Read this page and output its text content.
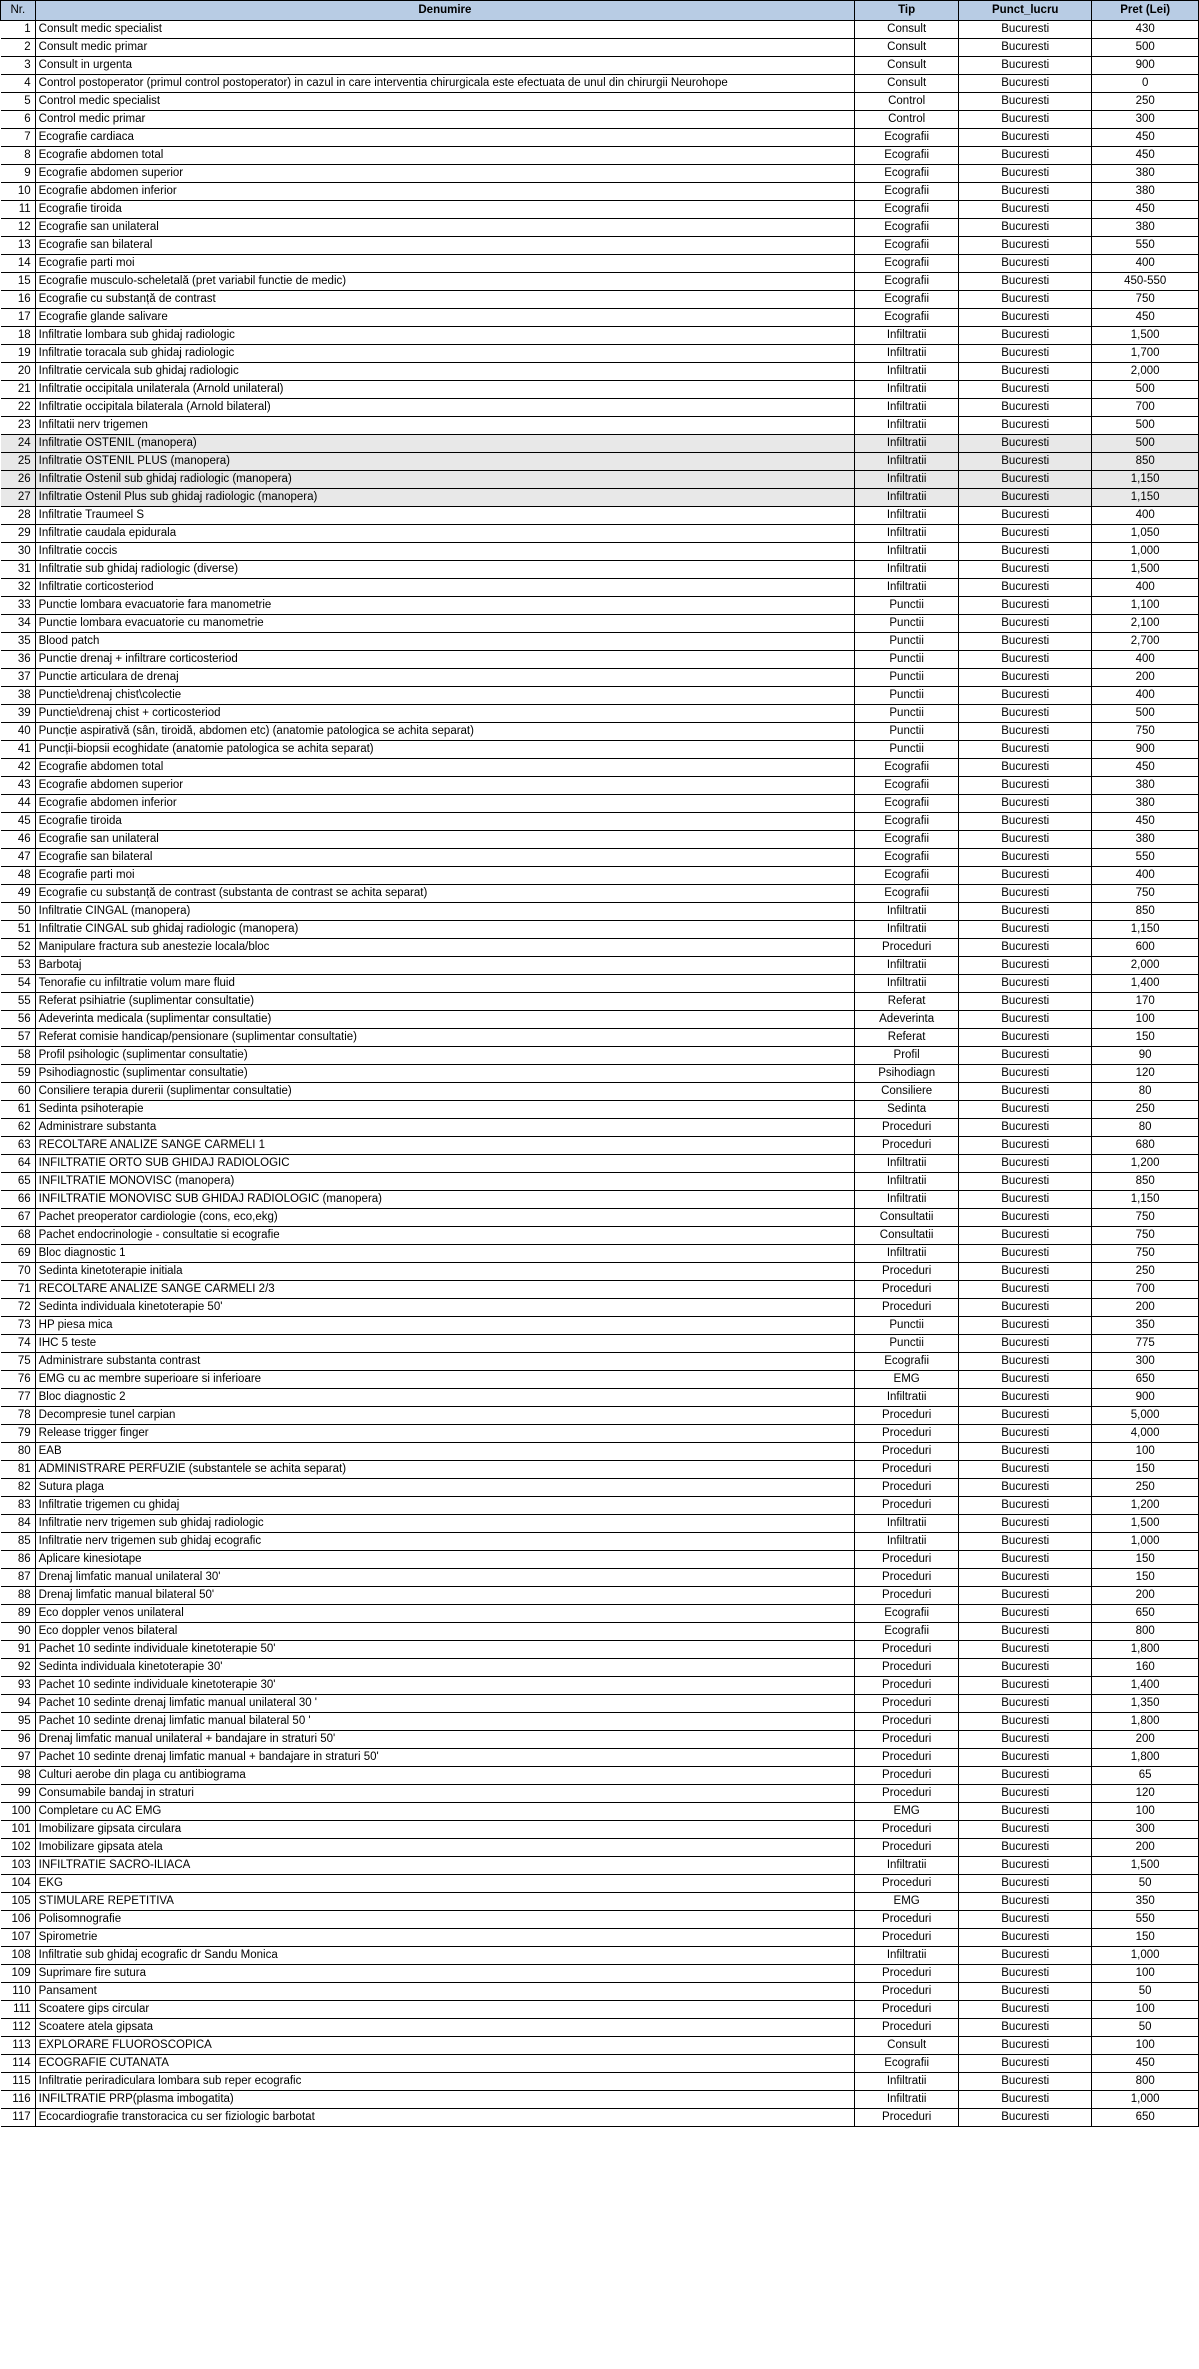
Nr.	Denumire	Tip	Punct_lucru	Pret (Lei)
1	Consult medic specialist	Consult	Bucuresti	430
2	Consult medic primar	Consult	Bucuresti	500
3	Consult in urgenta	Consult	Bucuresti	900
4	Control postoperator (primul control postoperator) in cazul in care interventia chirurgicala este efectuata de unul din chirurgii Neurohope	Consult	Bucuresti	0
5	Control medic specialist	Control	Bucuresti	250
6	Control medic primar	Control	Bucuresti	300
7	Ecografie cardiaca	Ecografii	Bucuresti	450
8	Ecografie abdomen total	Ecografii	Bucuresti	450
9	Ecografie abdomen superior	Ecografii	Bucuresti	380
10	Ecografie abdomen inferior	Ecografii	Bucuresti	380
11	Ecografie tiroida	Ecografii	Bucuresti	450
12	Ecografie san unilateral	Ecografii	Bucuresti	380
13	Ecografie san bilateral	Ecografii	Bucuresti	550
14	Ecografie parti moi	Ecografii	Bucuresti	400
15	Ecografie musculo-scheletală (pret variabil functie de medic)	Ecografii	Bucuresti	450-550
16	Ecografie cu substanță de contrast	Ecografii	Bucuresti	750
17	Ecografie glande salivare	Ecografii	Bucuresti	450
18	Infiltratie lombara sub ghidaj radiologic	Infiltratii	Bucuresti	1,500
19	Infiltratie toracala sub ghidaj radiologic	Infiltratii	Bucuresti	1,700
20	Infiltratie cervicala sub ghidaj radiologic	Infiltratii	Bucuresti	2,000
21	Infiltratie occipitala unilaterala (Arnold unilateral)	Infiltratii	Bucuresti	500
22	Infiltratie occipitala bilaterala (Arnold bilateral)	Infiltratii	Bucuresti	700
23	Infiltatii nerv trigemen	Infiltratii	Bucuresti	500
24	Infiltratie OSTENIL (manopera)	Infiltratii	Bucuresti	500
25	Infiltratie OSTENIL PLUS (manopera)	Infiltratii	Bucuresti	850
26	Infiltratie Ostenil sub ghidaj radiologic (manopera)	Infiltratii	Bucuresti	1,150
27	Infiltratie Ostenil Plus sub ghidaj radiologic (manopera)	Infiltratii	Bucuresti	1,150
28	Infiltratie Traumeel S	Infiltratii	Bucuresti	400
29	Infiltratie caudala epidurala	Infiltratii	Bucuresti	1,050
30	Infiltratie coccis	Infiltratii	Bucuresti	1,000
31	Infiltratie sub ghidaj radiologic (diverse)	Infiltratii	Bucuresti	1,500
32	Infiltratie corticosteriod	Infiltratii	Bucuresti	400
33	Punctie lombara evacuatorie fara manometrie	Punctii	Bucuresti	1,100
34	Punctie lombara evacuatorie cu manometrie	Punctii	Bucuresti	2,100
35	Blood patch	Punctii	Bucuresti	2,700
36	Punctie drenaj + infiltrare corticosteriod	Punctii	Bucuresti	400
37	Punctie articulara de drenaj	Punctii	Bucuresti	200
38	Punctie\drenaj chist\colectie	Punctii	Bucuresti	400
39	Punctie\drenaj chist + corticosteriod	Punctii	Bucuresti	500
40	Puncție aspirativă (sân, tiroidă, abdomen etc) (anatomie patologica se achita separat)	Punctii	Bucuresti	750
41	Puncții-biopsii ecoghidate (anatomie patologica se achita separat)	Punctii	Bucuresti	900
42	Ecografie abdomen total	Ecografii	Bucuresti	450
43	Ecografie abdomen superior	Ecografii	Bucuresti	380
44	Ecografie abdomen inferior	Ecografii	Bucuresti	380
45	Ecografie tiroida	Ecografii	Bucuresti	450
46	Ecografie san unilateral	Ecografii	Bucuresti	380
47	Ecografie san bilateral	Ecografii	Bucuresti	550
48	Ecografie parti moi	Ecografii	Bucuresti	400
49	Ecografie cu substanță de contrast (substanta de contrast se achita separat)	Ecografii	Bucuresti	750
50	Infiltratie CINGAL (manopera)	Infiltratii	Bucuresti	850
51	Infiltratie CINGAL sub ghidaj radiologic (manopera)	Infiltratii	Bucuresti	1,150
52	Manipulare fractura sub anestezie locala/bloc	Proceduri	Bucuresti	600
53	Barbotaj	Infiltratii	Bucuresti	2,000
54	Tenorafie cu infiltratie volum mare fluid	Infiltratii	Bucuresti	1,400
55	Referat psihiatrie (suplimentar consultatie)	Referat	Bucuresti	170
56	Adeverinta medicala (suplimentar consultatie)	Adeverinta	Bucuresti	100
57	Referat comisie handicap/pensionare (suplimentar consultatie)	Referat	Bucuresti	150
58	Profil psihologic (suplimentar consultatie)	Profil	Bucuresti	90
59	Psihodiagnostic (suplimentar consultatie)	Psihodiagn	Bucuresti	120
60	Consiliere terapia durerii (suplimentar consultatie)	Consiliere	Bucuresti	80
61	Sedinta psihoterapie	Sedinta	Bucuresti	250
62	Administrare substanta	Proceduri	Bucuresti	80
63	RECOLTARE ANALIZE SANGE CARMELI 1	Proceduri	Bucuresti	680
64	INFILTRATIE ORTO SUB GHIDAJ RADIOLOGIC	Infiltratii	Bucuresti	1,200
65	INFILTRATIE MONOVISC (manopera)	Infiltratii	Bucuresti	850
66	INFILTRATIE MONOVISC SUB GHIDAJ RADIOLOGIC (manopera)	Infiltratii	Bucuresti	1,150
67	Pachet preoperator cardiologie (cons, eco,ekg)	Consultatii	Bucuresti	750
68	Pachet endocrinologie - consultatie si ecografie	Consultatii	Bucuresti	750
69	Bloc diagnostic 1	Infiltratii	Bucuresti	750
70	Sedinta kinetoterapie initiala	Proceduri	Bucuresti	250
71	RECOLTARE ANALIZE SANGE CARMELI 2/3	Proceduri	Bucuresti	700
72	Sedinta individuala kinetoterapie 50'	Proceduri	Bucuresti	200
73	HP piesa mica	Punctii	Bucuresti	350
74	IHC 5 teste	Punctii	Bucuresti	775
75	Administrare substanta contrast	Ecografii	Bucuresti	300
76	EMG cu ac membre superioare si inferioare	EMG	Bucuresti	650
77	Bloc diagnostic 2	Infiltratii	Bucuresti	900
78	Decompresie tunel carpian	Proceduri	Bucuresti	5,000
79	Release trigger finger	Proceduri	Bucuresti	4,000
80	EAB	Proceduri	Bucuresti	100
81	ADMINISTRARE PERFUZIE (substantele se achita separat)	Proceduri	Bucuresti	150
82	Sutura plaga	Proceduri	Bucuresti	250
83	Infiltratie trigemen cu ghidaj	Proceduri	Bucuresti	1,200
84	Infiltratie nerv trigemen sub ghidaj radiologic	Infiltratii	Bucuresti	1,500
85	Infiltratie nerv trigemen sub ghidaj ecografic	Infiltratii	Bucuresti	1,000
86	Aplicare kinesiotape	Proceduri	Bucuresti	150
87	Drenaj limfatic manual unilateral 30'	Proceduri	Bucuresti	150
88	Drenaj limfatic manual bilateral 50'	Proceduri	Bucuresti	200
89	Eco doppler venos unilateral	Ecografii	Bucuresti	650
90	Eco doppler venos bilateral	Ecografii	Bucuresti	800
91	Pachet 10 sedinte individuale kinetoterapie 50'	Proceduri	Bucuresti	1,800
92	Sedinta individuala kinetoterapie 30'	Proceduri	Bucuresti	160
93	Pachet 10 sedinte individuale kinetoterapie 30'	Proceduri	Bucuresti	1,400
94	Pachet 10 sedinte drenaj limfatic manual unilateral 30 '	Proceduri	Bucuresti	1,350
95	Pachet 10 sedinte drenaj limfatic manual bilateral 50 '	Proceduri	Bucuresti	1,800
96	Drenaj limfatic manual unilateral + bandajare in straturi 50'	Proceduri	Bucuresti	200
97	Pachet 10 sedinte drenaj limfatic manual + bandajare in straturi 50'	Proceduri	Bucuresti	1,800
98	Culturi aerobe din plaga cu antibiograma	Proceduri	Bucuresti	65
99	Consumabile bandaj in straturi	Proceduri	Bucuresti	120
100	Completare cu AC EMG	EMG	Bucuresti	100
101	Imobilizare gipsata circulara	Proceduri	Bucuresti	300
102	Imobilizare gipsata atela	Proceduri	Bucuresti	200
103	INFILTRATIE SACRO-ILIACA	Infiltratii	Bucuresti	1,500
104	EKG	Proceduri	Bucuresti	50
105	STIMULARE REPETITIVA	EMG	Bucuresti	350
106	Polisomnografie	Proceduri	Bucuresti	550
107	Spirometrie	Proceduri	Bucuresti	150
108	Infiltratie sub ghidaj ecografic dr Sandu Monica	Infiltratii	Bucuresti	1,000
109	Suprimare fire sutura	Proceduri	Bucuresti	100
110	Pansament	Proceduri	Bucuresti	50
111	Scoatere gips circular	Proceduri	Bucuresti	100
112	Scoatere atela gipsata	Proceduri	Bucuresti	50
113	EXPLORARE FLUOROSCOPICA	Consult	Bucuresti	100
114	ECOGRAFIE CUTANATA	Ecografii	Bucuresti	450
115	Infiltratie periradiculara lombara sub reper ecografic	Infiltratii	Bucuresti	800
116	INFILTRATIE PRP(plasma imbogatita)	Infiltratii	Bucuresti	1,000
117	Ecocardiografie transtoracica cu ser fiziologic barbotat	Proceduri	Bucuresti	650
